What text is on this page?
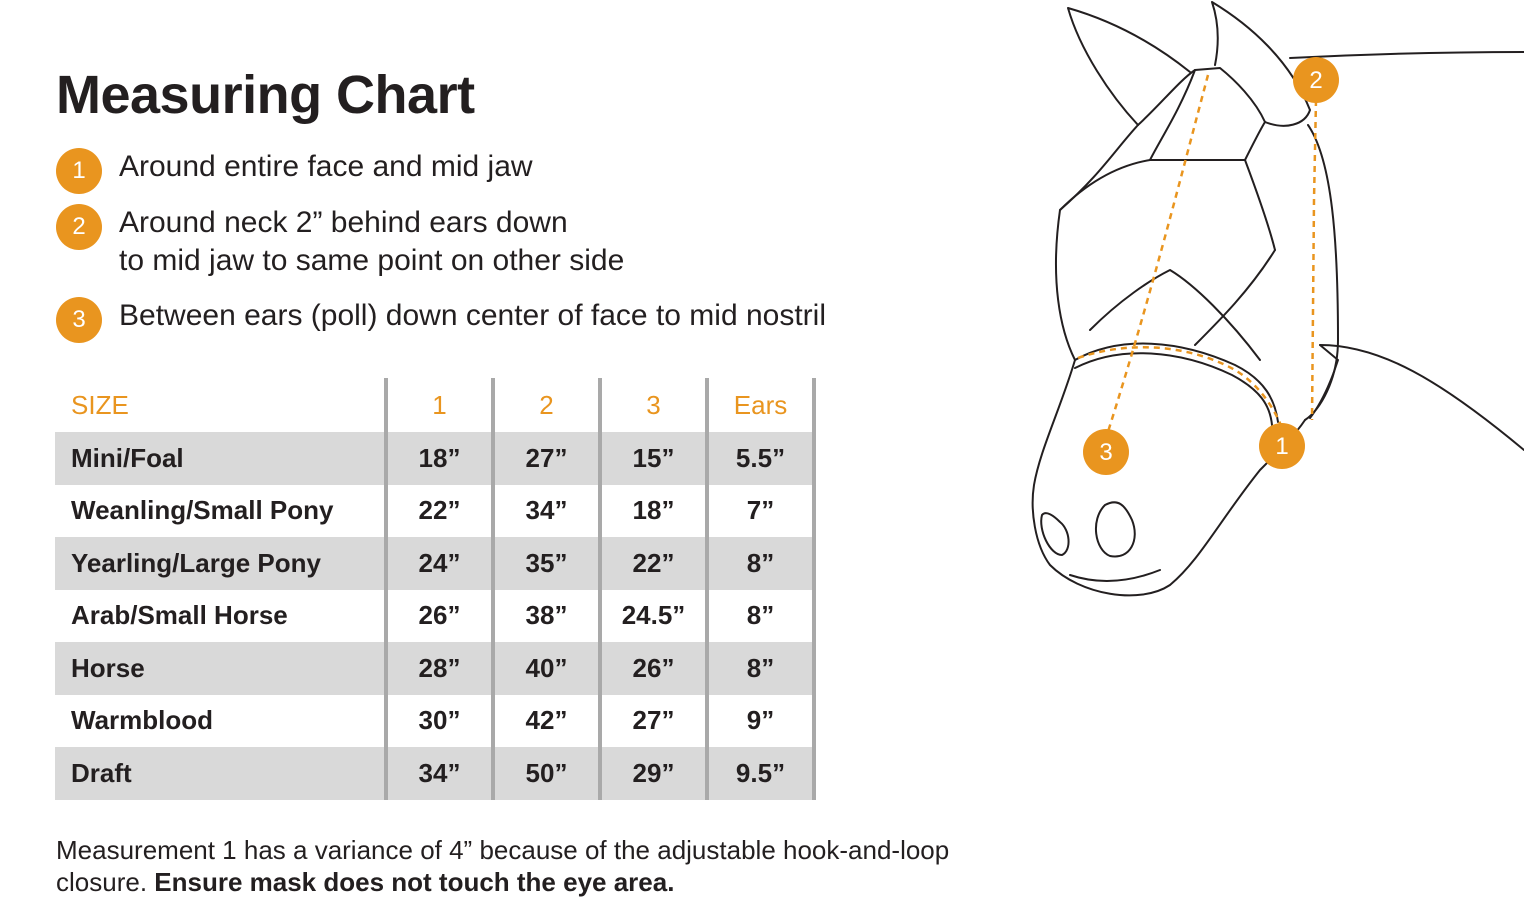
Measuring Chart
1	Around entire face and mid jaw
2	Around neck 2” behind ears down
to mid jaw to same point on other side
3	Between ears (poll) down center of face to mid nostril
SIZE	1	2	3	Ears
Mini/Foal	18”	27”	15”	5.5”
Weanling/Small Pony	22”	34”	18”	7”
Yearling/Large Pony	24”	35”	22”	8”
Arab/Small Horse	26”	38”	24.5”	8”
Horse	28”	40”	26”	8”
Warmblood	30”	42”	27”	9”
Draft	34”	50”	29”	9.5”

Measurement 1 has a variance of 4” because of the adjustable hook-and-loop closure. Ensure mask does not touch the eye area.

2
3	1
